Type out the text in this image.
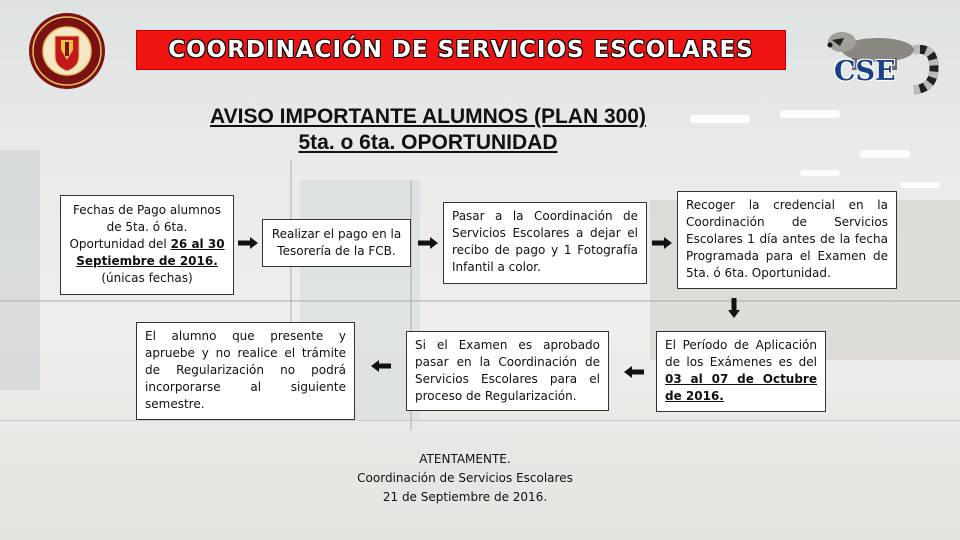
COORDINACIÓN DE SERVICIOS ESCOLARES
CSE
AVISO IMPORTANTE ALUMNOS (PLAN 300)
5ta. o 6ta. OPORTUNIDAD
Fechas de Pago alumnos de 5ta. ó 6ta. Oportunidad del 26 al 30 Septiembre de 2016.
(únicas fechas)
Realizar el pago en la Tesorería de la FCB.
Pasar a la Coordinación de Servicios Escolares a dejar el recibo de pago y 1 Fotografía Infantil a color.
Recoger la credencial en la Coordinación de Servicios Escolares 1 día antes de la fecha Programada para el Examen de 5ta. ó 6ta. Oportunidad.
El Período de Aplicación de los Exámenes es del 03 al 07 de Octubre de 2016.
Si el Examen es aprobado pasar en la Coordinación de Servicios Escolares para el proceso de Regularización.
El alumno que presente y apruebe y no realice el trámite de Regularización no podrá incorporarse al siguiente semestre.
ATENTAMENTE.
Coordinación de Servicios Escolares
21 de Septiembre de 2016.
